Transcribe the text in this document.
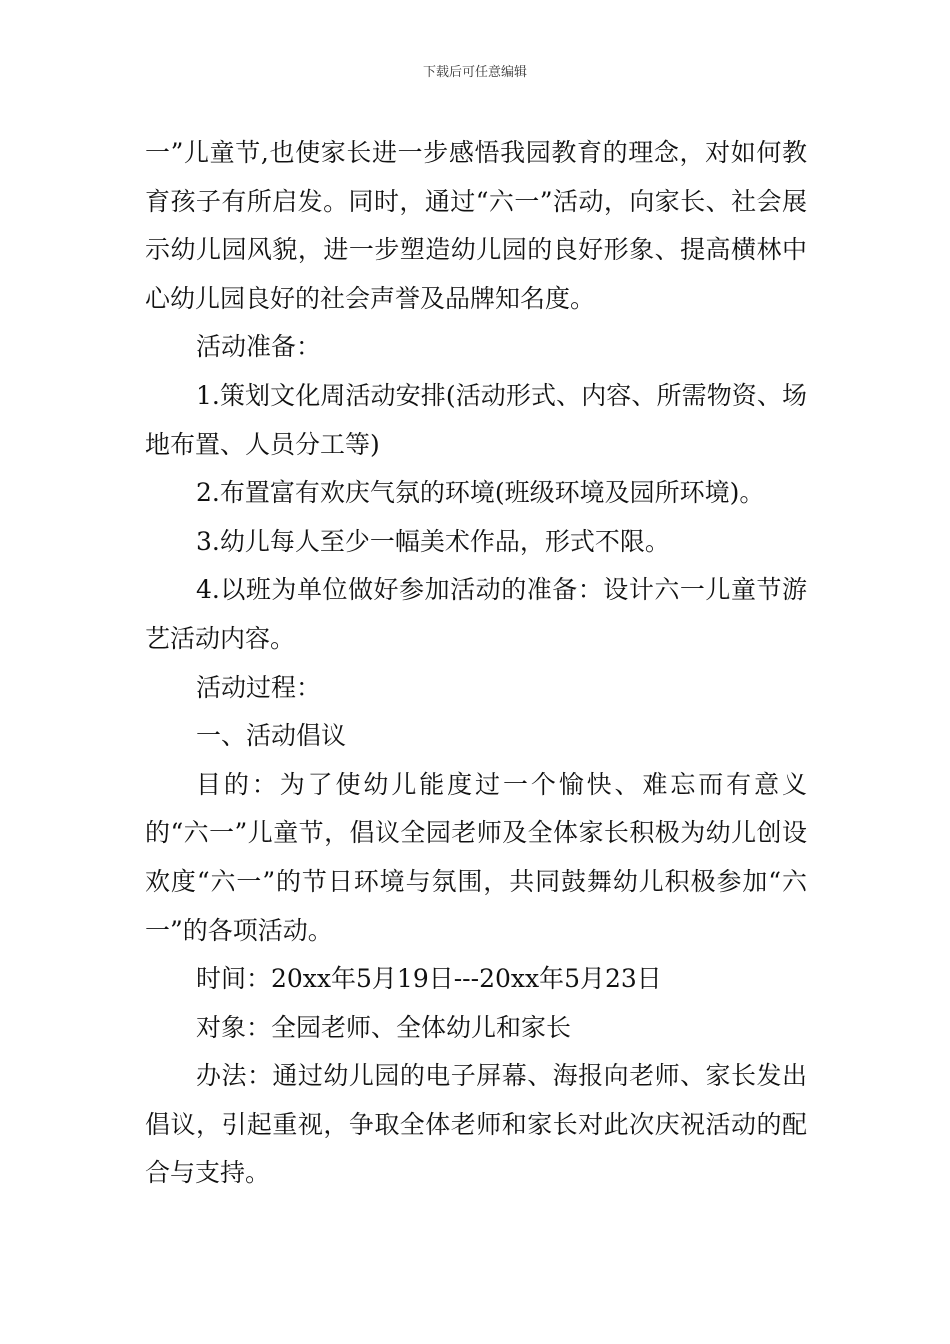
下载后可任意编辑

一”儿童节,也使家长进一步感悟我园教育的理念，对如何教育孩子有所启发。同时，通过“六一”活动，向家长、社会展示幼儿园风貌，进一步塑造幼儿园的良好形象、提高横林中心幼儿园良好的社会声誉及品牌知名度。

活动准备：

1.策划文化周活动安排(活动形式、内容、所需物资、场地布置、人员分工等)

2.布置富有欢庆气氛的环境(班级环境及园所环境)。

3.幼儿每人至少一幅美术作品，形式不限。

4.以班为单位做好参加活动的准备：设计六一儿童节游艺活动内容。

活动过程：

一、活动倡议

目的：为了使幼儿能度过一个愉快、难忘而有意义的“六一”儿童节，倡议全园老师及全体家长积极为幼儿创设欢度“六一”的节日环境与氛围，共同鼓舞幼儿积极参加“六一”的各项活动。

时间：20xx年5月19日---20xx年5月23日

对象：全园老师、全体幼儿和家长

办法：通过幼儿园的电子屏幕、海报向老师、家长发出倡议，引起重视，争取全体老师和家长对此次庆祝活动的配合与支持。
